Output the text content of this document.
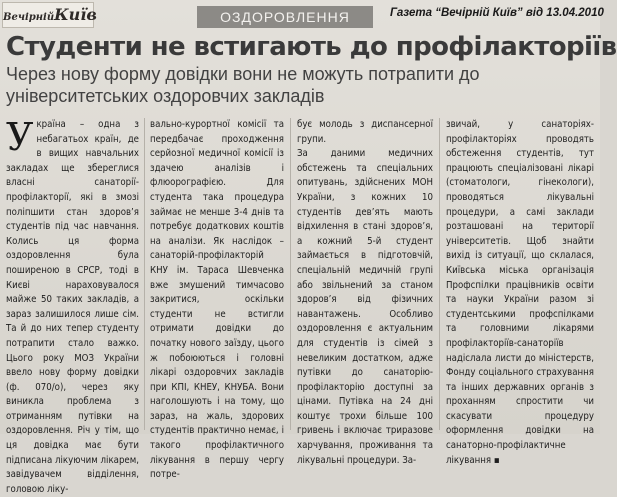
ВечірнійКиїв	ОЗДОРОВЛЕННЯ	Газета “Вечірній Київ” від 13.04.2010
Студенти не встигають до профілакторіїв
Через нову форму довідки вони не можуть потрапити до університетських оздоровчих закладів
Україна – одна з небагатьох країн, де в вищих навчальних закладах ще збереглися власні санаторії-профілакторії, які в змозі поліпшити стан здоров’я студентів під час навчання. Колись ця форма оздоровлення була поширеною в СРСР, тоді в Києві нараховувалося майже 50 таких закладів, а зараз залишилося лише сім. Та й до них тепер студенту потрапити стало важко. Цього року МОЗ України ввело нову форму довідки (ф. 070/о), через яку виникла проблема з отриманням путівки на оздоровлення. Річ у тім, що ця довідка має бути підписана лікуючим лікарем, завідувачем відділення, головою ліку-
вально-курортної комісії та передбачає проходження серйозної медичної комісії із здачею аналізів і флюорографією. Для студента така процедура займає не менше 3-4 днів та потребує додаткових коштів на аналізи. Як наслідок – санаторій-профілакторій КНУ ім. Тараса Шевченка вже змушений тимчасово закритися, оскільки студенти не встигли отримати довідки до початку нового заїзду, цього ж побоюються і головні лікарі оздоровчих закладів при КПІ, КНЕУ, КНУБА. Вони наголошують і на тому, що зараз, на жаль, здорових студентів практично немає, і такого профілактичного лікування в першу чергу потре-
бує молодь з диспансерної групи.
За даними медичних обстежень та спеціальних опитувань, здійснених МОН України, з кожних 10 студентів дев’ять мають відхилення в стані здоров’я, а кожний 5-й студент займається в підготовчій, спеціальній медичній групі або звільнений за станом здоров’я від фізичних навантажень. Особливо оздоровлення є актуальним для студентів із сімей з невеликим достатком, адже путівки до санаторію-профілакторію доступні за цінами. Путівка на 24 дні коштує трохи більше 100 гривень і включає триразове харчування, проживання та лікувальні процедури. За-
звичай, у санаторіях-профілакторіях проводять обстеження студентів, тут працюють спеціалізовані лікарі (стоматологи, гінекологи), проводяться лікувальні процедури, а самі заклади розташовані на території університетів. Щоб знайти вихід із ситуації, що склалася, Київська міська організація Профспілки працівників освіти та науки України разом зі студентськими профспілками та головними лікарями профілакторіїв-санаторіїв надіслала листи до міністерств, Фонду соціального страхування та інших державних органів з проханням спростити чи скасувати процедуру оформлення довідки на санаторно-профілактичне лікування ▪
